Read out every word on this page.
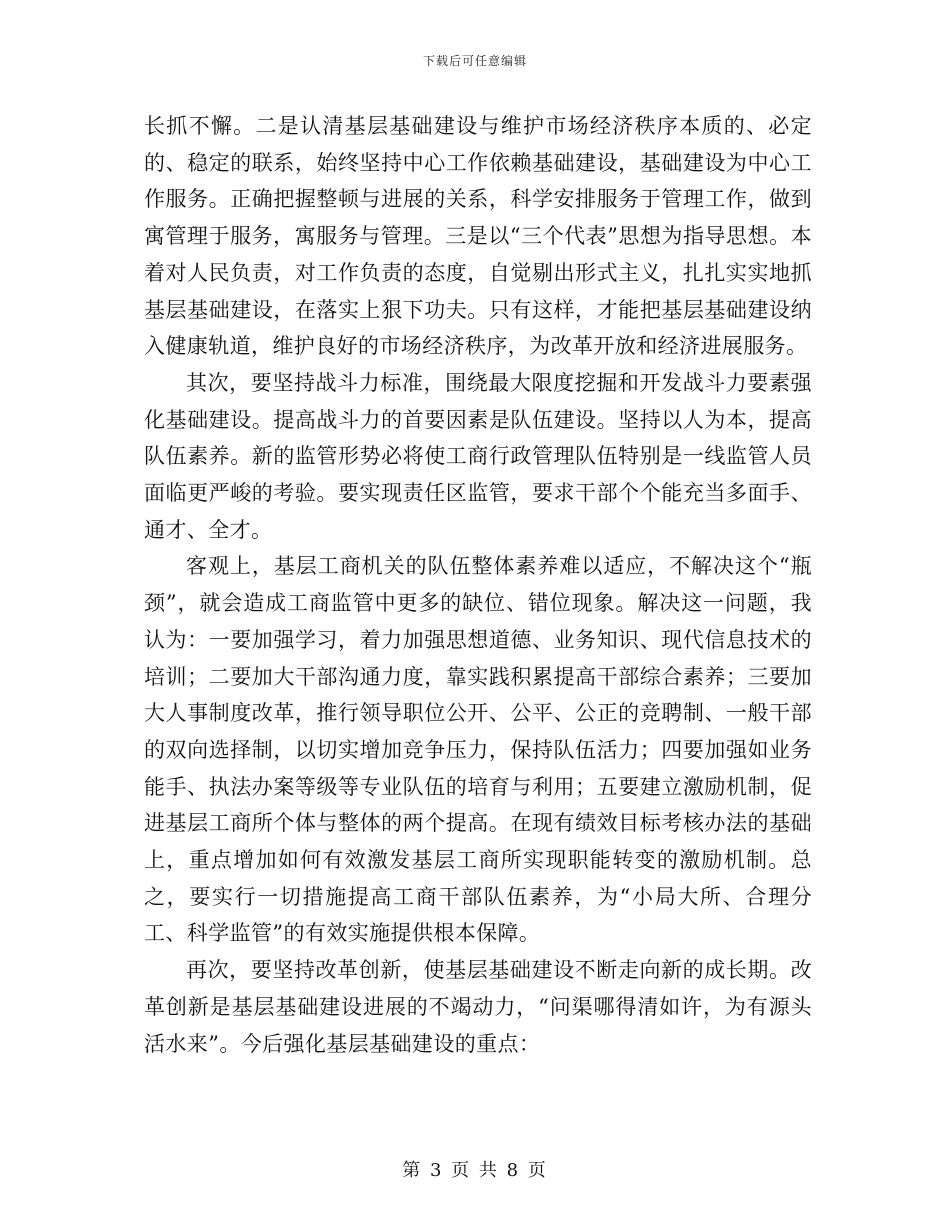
下载后可任意编辑

长抓不懈。二是认清基层基础建设与维护市场经济秩序本质的、必定的、稳定的联系，始终坚持中心工作依赖基础建设，基础建设为中心工作服务。正确把握整顿与进展的关系，科学安排服务于管理工作，做到寓管理于服务，寓服务与管理。三是以“三个代表”思想为指导思想。本着对人民负责，对工作负责的态度，自觉剔出形式主义，扎扎实实地抓基层基础建设，在落实上狠下功夫。只有这样，才能把基层基础建设纳入健康轨道，维护良好的市场经济秩序，为改革开放和经济进展服务。

其次，要坚持战斗力标准，围绕最大限度挖掘和开发战斗力要素强化基础建设。提高战斗力的首要因素是队伍建设。坚持以人为本，提高队伍素养。新的监管形势必将使工商行政管理队伍特别是一线监管人员面临更严峻的考验。要实现责任区监管，要求干部个个能充当多面手、通才、全才。

客观上，基层工商机关的队伍整体素养难以适应，不解决这个“瓶颈”，就会造成工商监管中更多的缺位、错位现象。解决这一问题，我认为：一要加强学习，着力加强思想道德、业务知识、现代信息技术的培训；二要加大干部沟通力度，靠实践积累提高干部综合素养；三要加大人事制度改革，推行领导职位公开、公平、公正的竞聘制、一般干部的双向选择制，以切实增加竞争压力，保持队伍活力；四要加强如业务能手、执法办案等级等专业队伍的培育与利用；五要建立激励机制，促进基层工商所个体与整体的两个提高。在现有绩效目标考核办法的基础上，重点增加如何有效激发基层工商所实现职能转变的激励机制。总之，要实行一切措施提高工商干部队伍素养，为“小局大所、合理分工、科学监管”的有效实施提供根本保障。

再次，要坚持改革创新，使基层基础建设不断走向新的成长期。改革创新是基层基础建设进展的不竭动力，“问渠哪得清如许，为有源头活水来”。今后强化基层基础建设的重点：

第 3 页 共 8 页
